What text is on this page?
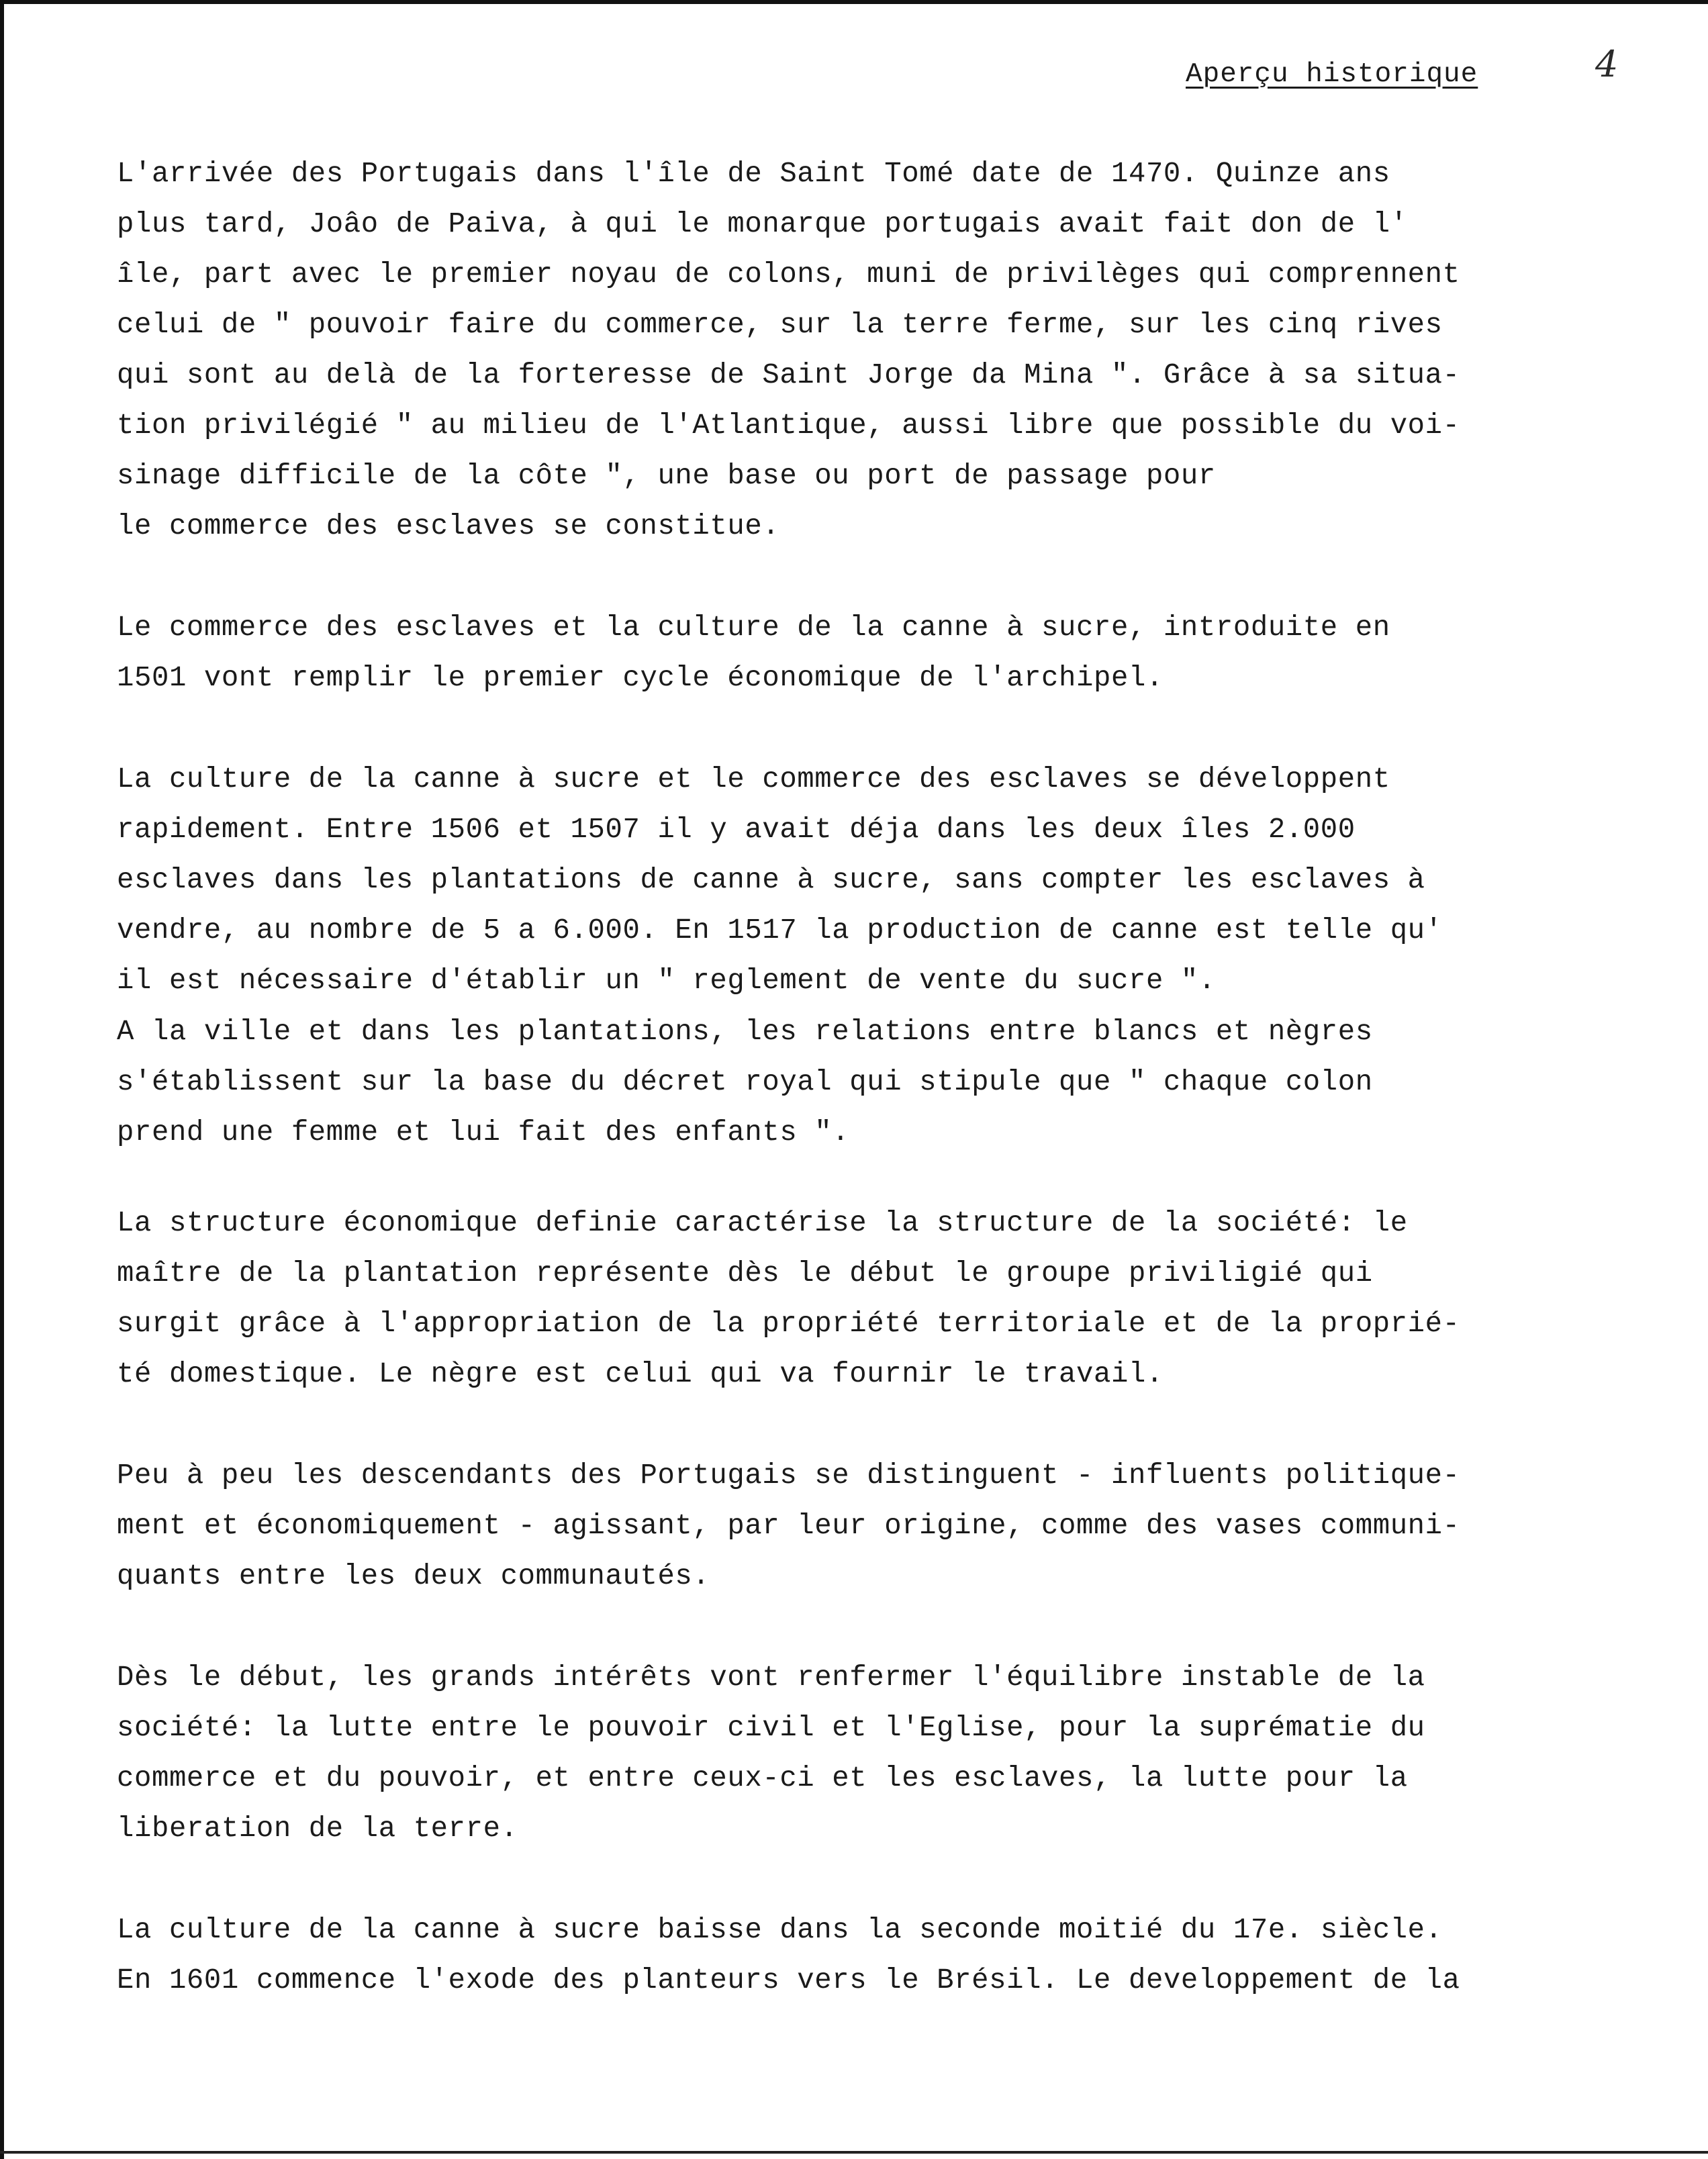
Aperçu historique	4

L'arrivée des Portugais dans l'île de Saint Tomé date de 1470. Quinze ans
plus tard, Joâo de Paiva, à qui le monarque portugais avait fait don de l'
île, part avec le premier noyau de colons, muni de privilèges qui comprennent
celui de " pouvoir faire du commerce, sur la terre ferme, sur les cinq rives
qui sont au delà de la forteresse de Saint Jorge da Mina ". Grâce à sa situa-
tion privilégié " au milieu de l'Atlantique, aussi libre que possible du voi-
sinage difficile de la côte ", une base ou port de passage pour
le commerce des esclaves se constitue.

Le commerce des esclaves et la culture de la canne à sucre, introduite en
1501 vont remplir le premier cycle économique de l'archipel.

La culture de la canne à sucre et le commerce des esclaves se développent
rapidement. Entre 1506 et 1507 il y avait déja dans les deux îles 2.000
esclaves dans les plantations de canne à sucre, sans compter les esclaves à
vendre, au nombre de 5 a 6.000. En 1517 la production de canne est telle qu'
il est nécessaire d'établir un " reglement de vente du sucre ".

A la ville et dans les plantations, les relations entre blancs et nègres
s'établissent sur la base du décret royal qui stipule que " chaque colon
prend une femme et lui fait des enfants ".

La structure économique definie caractérise la structure de la société: le
maître de la plantation représente dès le début le groupe priviligié qui
surgit grâce à l'appropriation de la propriété territoriale et de la proprié-
té domestique. Le nègre est celui qui va fournir le travail.

Peu à peu les descendants des Portugais se distinguent - influents politique-
ment et économiquement - agissant, par leur origine, comme des vases communi-
quants entre les deux communautés.

Dès le début, les grands intérêts vont renfermer l'équilibre instable de la
société: la lutte entre le pouvoir civil et l'Eglise, pour la suprématie du
commerce et du pouvoir, et entre ceux-ci et les esclaves, la lutte pour la
liberation de la terre.

La culture de la canne à sucre baisse dans la seconde moitié du 17e. siècle.
En 1601 commence l'exode des planteurs vers le Brésil. Le developpement de la
